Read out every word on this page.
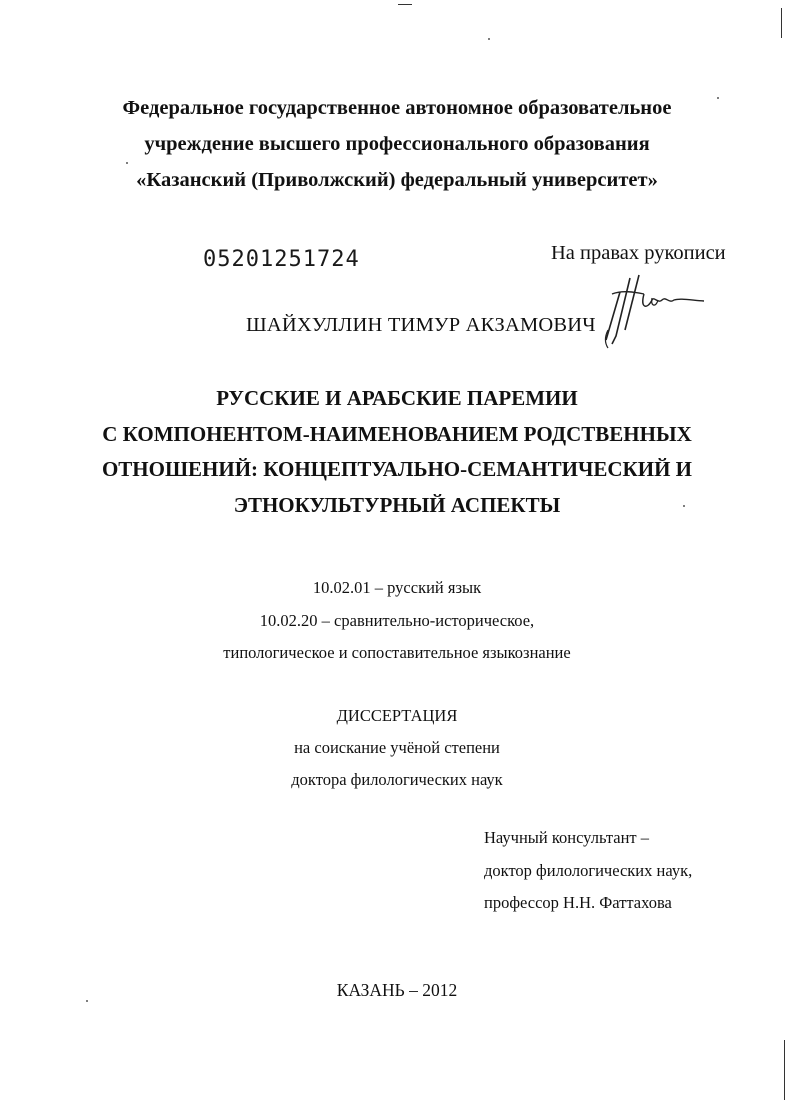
Федеральное государственное автономное образовательное
учреждение высшего профессионального образования
«Казанский (Приволжский) федеральный университет»
05201251724	На правах рукописи
ШАЙХУЛЛИН ТИМУР АКЗАМОВИЧ
РУССКИЕ И АРАБСКИЕ ПАРЕМИИ
С КОМПОНЕНТОМ-НАИМЕНОВАНИЕМ РОДСТВЕННЫХ
ОТНОШЕНИЙ: КОНЦЕПТУАЛЬНО-СЕМАНТИЧЕСКИЙ И
ЭТНОКУЛЬТУРНЫЙ АСПЕКТЫ
10.02.01 – русский язык
10.02.20 – сравнительно-историческое,
типологическое и сопоставительное языкознание
ДИССЕРТАЦИЯ
на соискание учёной степени
доктора филологических наук
Научный консультант –
доктор филологических наук,
профессор Н.Н. Фаттахова
КАЗАНЬ – 2012
